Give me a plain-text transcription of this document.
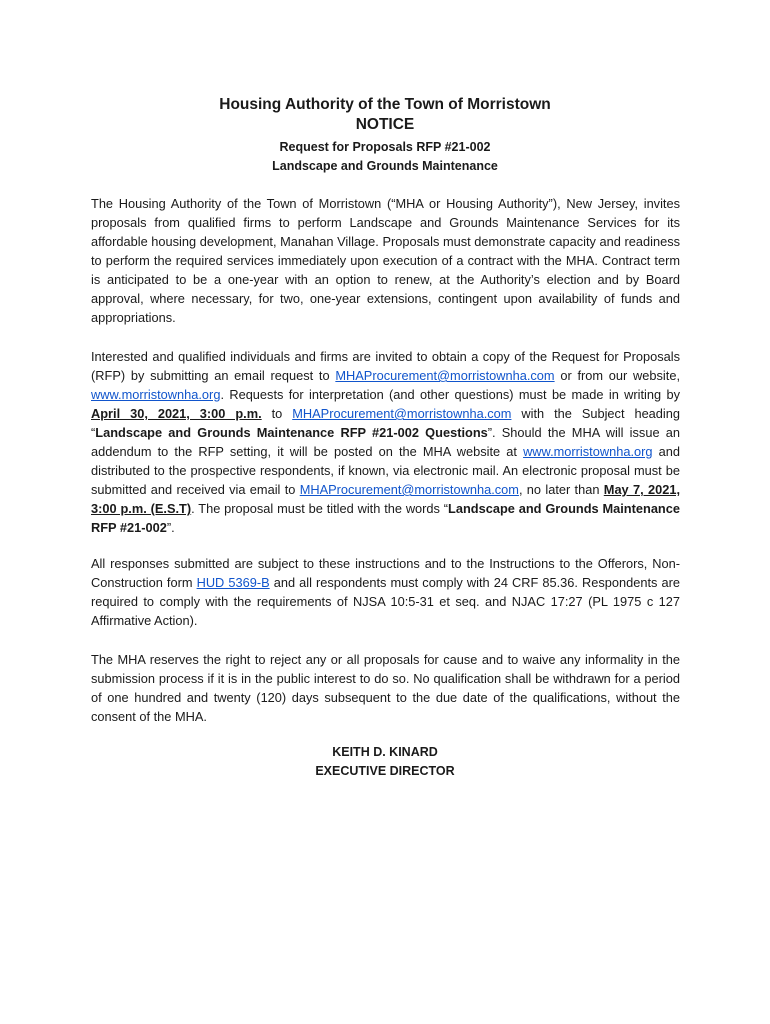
Housing Authority of the Town of Morristown
NOTICE
Request for Proposals RFP #21-002
Landscape and Grounds Maintenance
The Housing Authority of the Town of Morristown (“MHA or Housing Authority”), New Jersey, invites proposals from qualified firms to perform Landscape and Grounds Maintenance Services for its affordable housing development, Manahan Village. Proposals must demonstrate capacity and readiness to perform the required services immediately upon execution of a contract with the MHA. Contract term is anticipated to be a one-year with an option to renew, at the Authority’s election and by Board approval, where necessary, for two, one-year extensions, contingent upon availability of funds and appropriations.
Interested and qualified individuals and firms are invited to obtain a copy of the Request for Proposals (RFP) by submitting an email request to MHAProcurement@morristownha.com or from our website, www.morristownha.org. Requests for interpretation (and other questions) must be made in writing by April 30, 2021, 3:00 p.m. to MHAProcurement@morristownha.com with the Subject heading “Landscape and Grounds Maintenance RFP #21-002 Questions”. Should the MHA will issue an addendum to the RFP setting, it will be posted on the MHA website at www.morristownha.org and distributed to the prospective respondents, if known, via electronic mail. An electronic proposal must be submitted and received via email to MHAProcurement@morristownha.com, no later than May 7, 2021, 3:00 p.m. (E.S.T). The proposal must be titled with the words “Landscape and Grounds Maintenance RFP #21-002”.
All responses submitted are subject to these instructions and to the Instructions to the Offerors, Non-Construction form HUD 5369-B and all respondents must comply with 24 CRF 85.36. Respondents are required to comply with the requirements of NJSA 10:5-31 et seq. and NJAC 17:27 (PL 1975 c 127 Affirmative Action).
The MHA reserves the right to reject any or all proposals for cause and to waive any informality in the submission process if it is in the public interest to do so. No qualification shall be withdrawn for a period of one hundred and twenty (120) days subsequent to the due date of the qualifications, without the consent of the MHA.
KEITH D. KINARD
EXECUTIVE DIRECTOR
